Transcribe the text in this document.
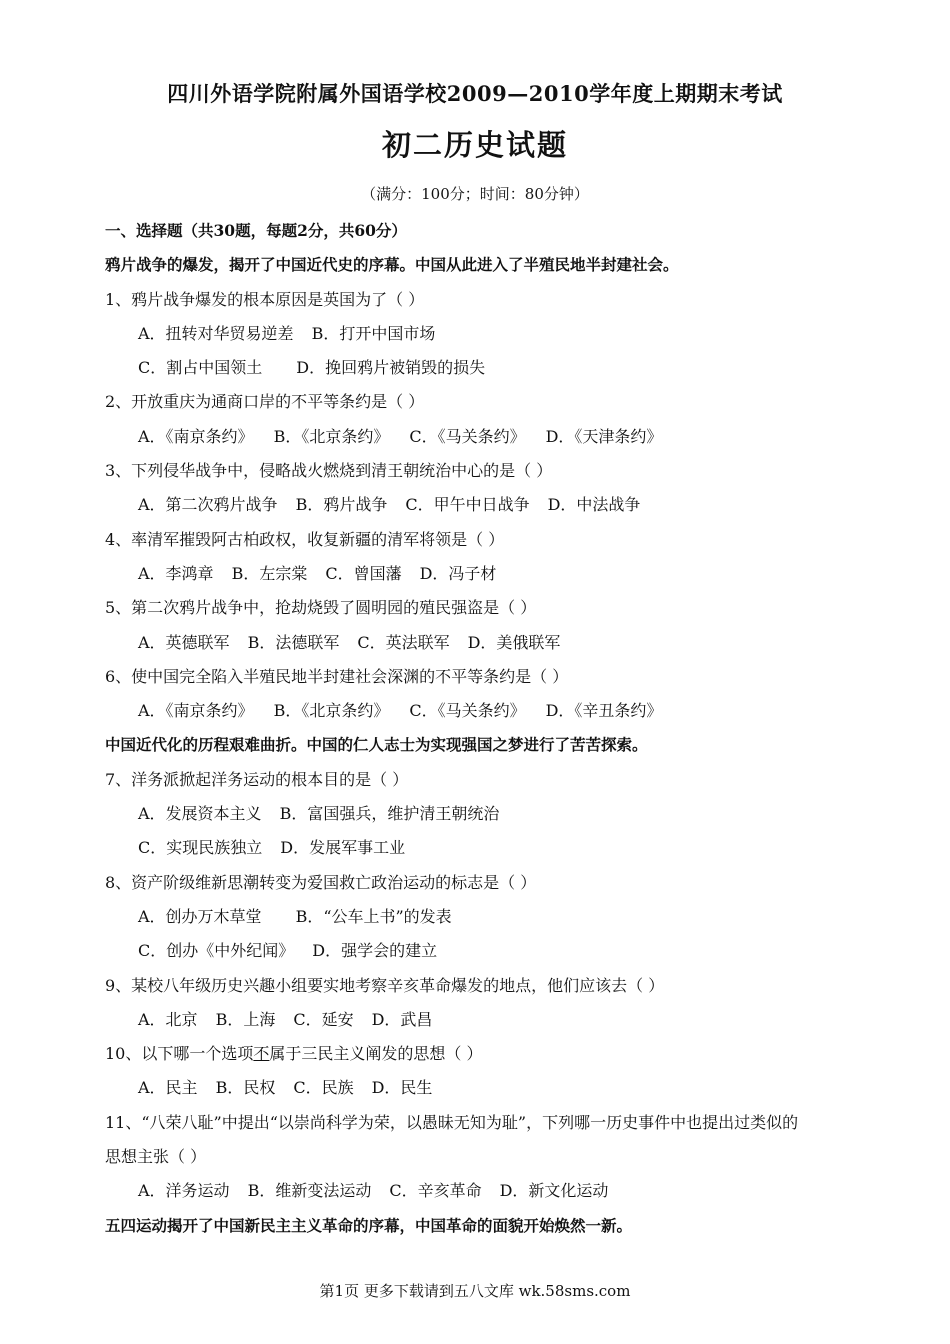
四川外语学院附属外国语学校2009—2010学年度上期期末考试
初二历史试题
（满分：100分；时间：80分钟）
一、选择题（共30题，每题2分，共60分）
鸦片战争的爆发，揭开了中国近代史的序幕。中国从此进入了半殖民地半封建社会。
1、鸦片战争爆发的根本原因是英国为了（ ）
A．扭转对华贸易逆差 B．打开中国市场
C．割占中国领土 D．挽回鸦片被销毁的损失
2、开放重庆为通商口岸的不平等条约是（ ）
A．《南京条约》 B．《北京条约》 C．《马关条约》 D．《天津条约》
3、下列侵华战争中，侵略战火燃烧到清王朝统治中心的是（ ）
A．第二次鸦片战争 B．鸦片战争 C．甲午中日战争 D．中法战争
4、率清军摧毁阿古柏政权，收复新疆的清军将领是（ ）
A．李鸿章 B．左宗棠 C．曾国藩 D．冯子材
5、第二次鸦片战争中，抢劫烧毁了圆明园的殖民强盗是（ ）
A．英德联军 B．法德联军 C．英法联军 D．美俄联军
6、使中国完全陷入半殖民地半封建社会深渊的不平等条约是（ ）
A．《南京条约》 B．《北京条约》 C．《马关条约》 D．《辛丑条约》
中国近代化的历程艰难曲折。中国的仁人志士为实现强国之梦进行了苦苦探索。
7、洋务派掀起洋务运动的根本目的是（ ）
A．发展资本主义 B．富国强兵，维护清王朝统治
C．实现民族独立 D．发展军事工业
8、资产阶级维新思潮转变为爱国救亡政治运动的标志是（ ）
A．创办万木草堂 B．“公车上书”的发表
C．创办《中外纪闻》 D．强学会的建立
9、某校八年级历史兴趣小组要实地考察辛亥革命爆发的地点，他们应该去（ ）
A．北京 B．上海 C．延安 D．武昌
10、以下哪一个选项不属于三民主义阐发的思想（ ）
A．民主 B．民权 C．民族 D．民生
11、“八荣八耻”中提出“以崇尚科学为荣，以愚昧无知为耻”，下列哪一历史事件中也提出过类似的
思想主张（ ）
A．洋务运动 B．维新变法运动 C．辛亥革命 D．新文化运动
五四运动揭开了中国新民主主义革命的序幕，中国革命的面貌开始焕然一新。
第1页 更多下载请到五八文库 wk.58sms.com
